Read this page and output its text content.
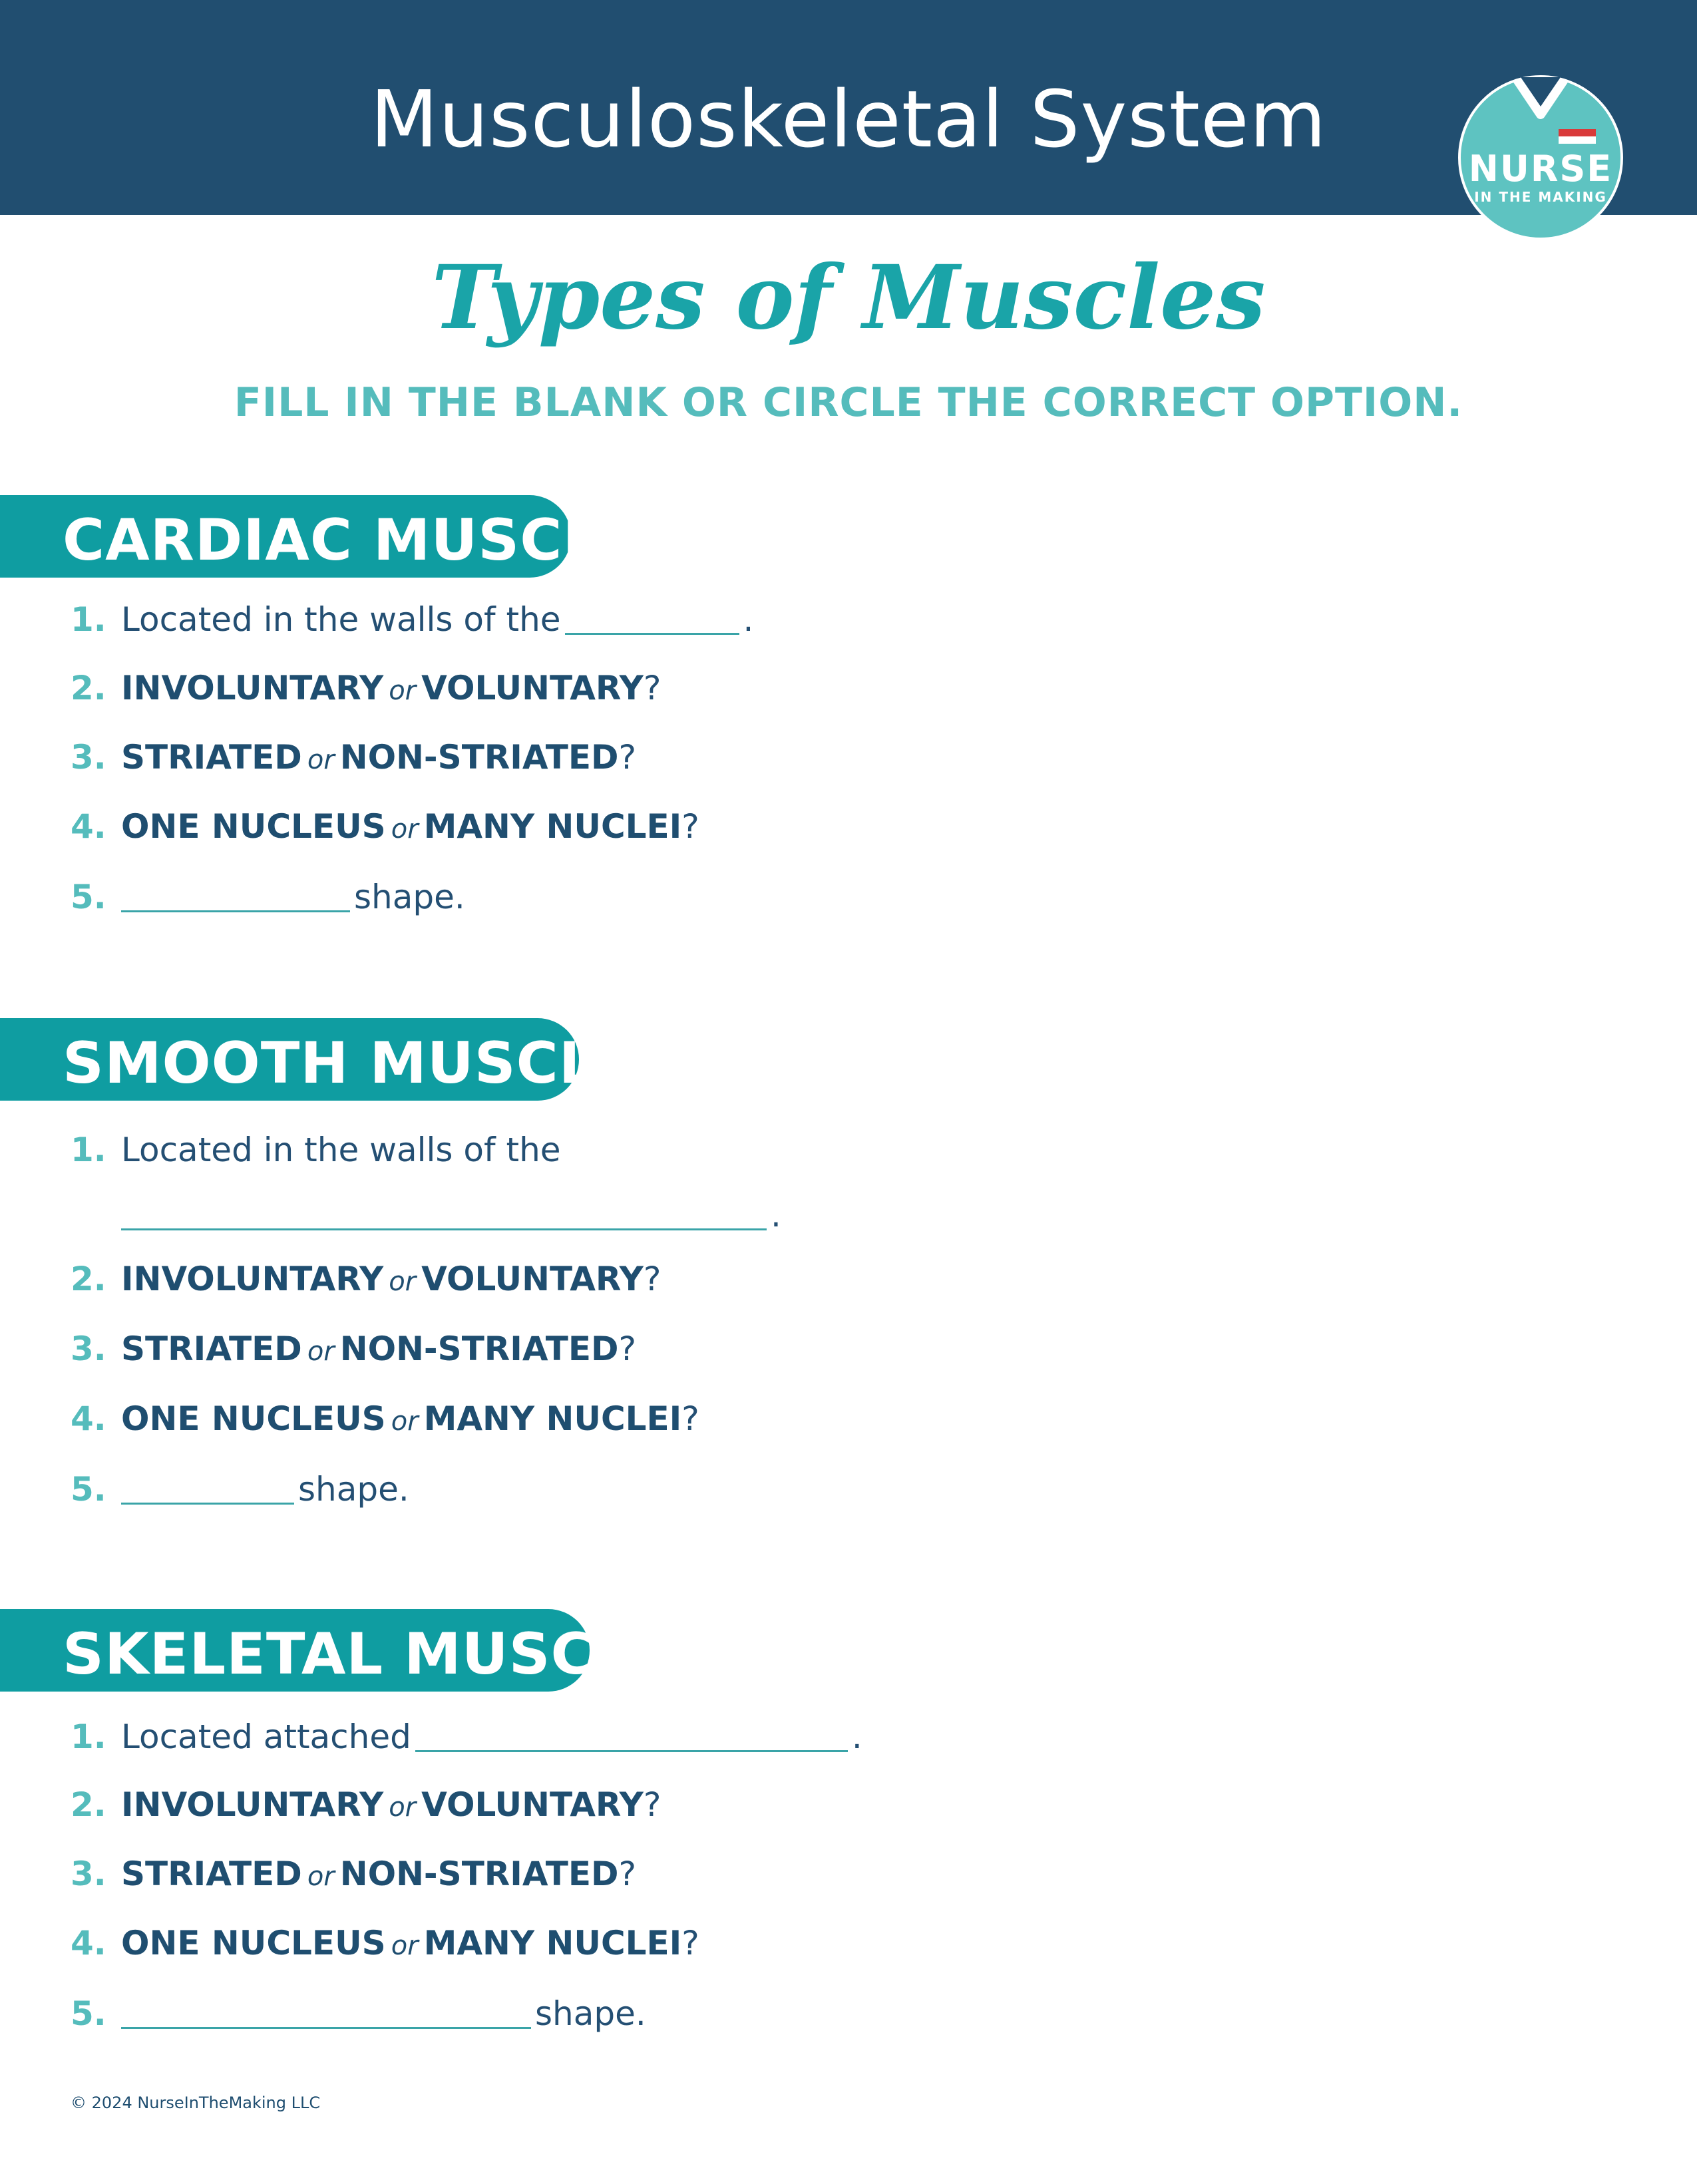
Musculoskeletal System
NURSE
IN THE MAKING
Types of Muscles
FILL IN THE BLANK OR CIRCLE THE CORRECT OPTION.
CARDIAC MUSCLE
1. Located in the walls of the	.
2. INVOLUNTARY or VOLUNTARY?
3. STRIATED or NON-STRIATED?
4. ONE NUCLEUS or MANY NUCLEI?
5.	shape.
SMOOTH MUSCLE
1. Located in the walls of the
.
2. INVOLUNTARY or VOLUNTARY?
3. STRIATED or NON-STRIATED?
4. ONE NUCLEUS or MANY NUCLEI?
5.	shape.
SKELETAL MUSCLE
1. Located attached	.
2. INVOLUNTARY or VOLUNTARY?
3. STRIATED or NON-STRIATED?
4. ONE NUCLEUS or MANY NUCLEI?
5.	shape.
© 2024 NurseInTheMaking LLC
